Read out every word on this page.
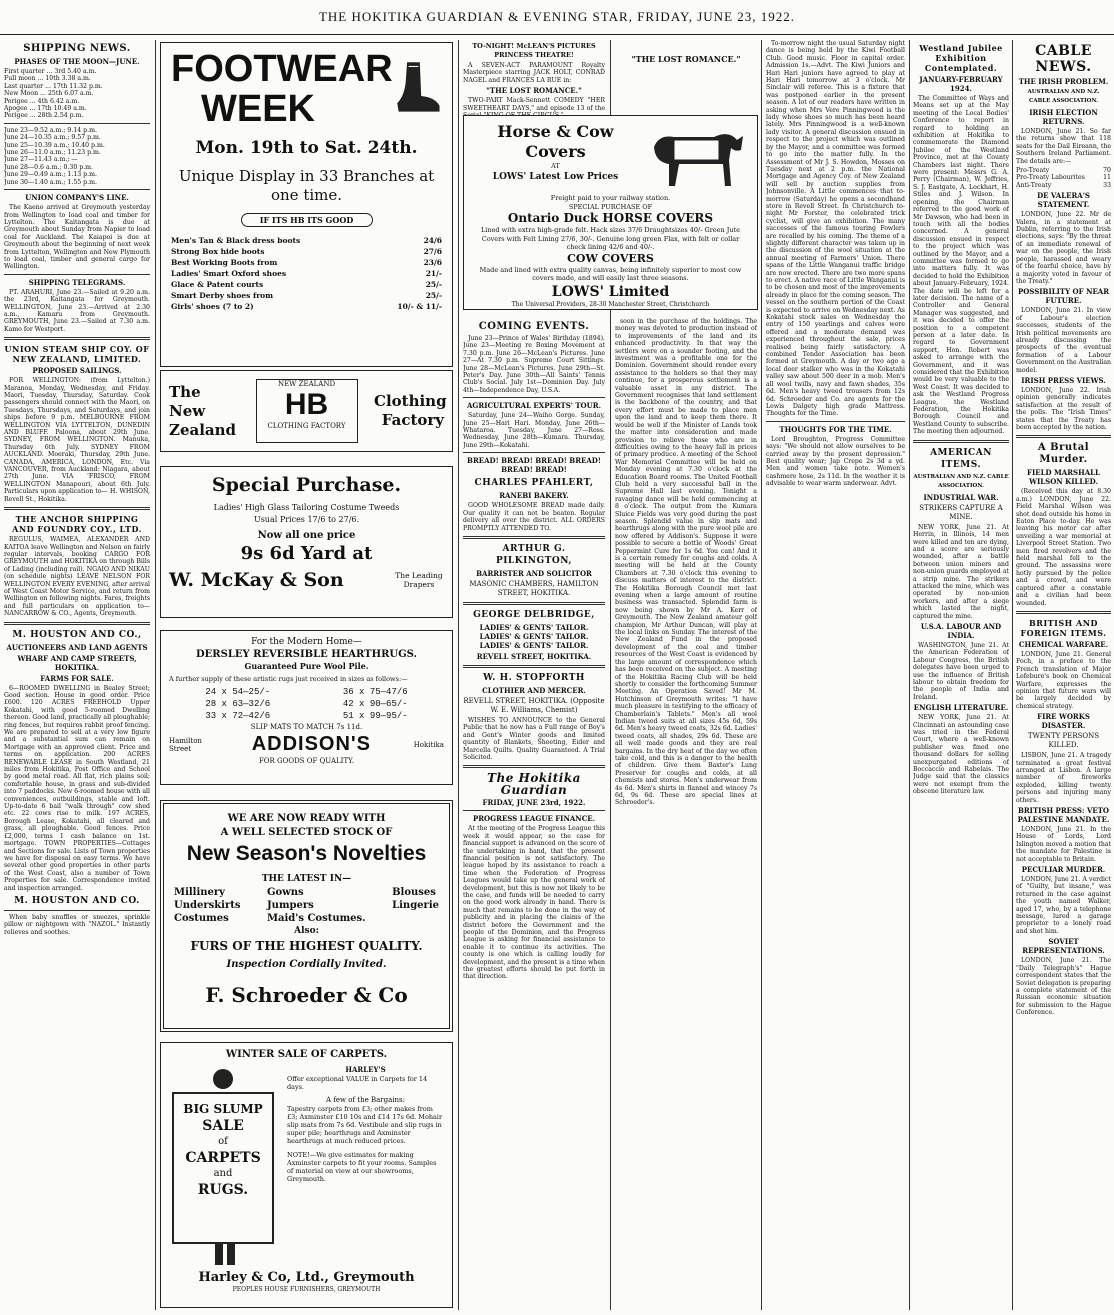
THE HOKITIKA GUARDIAN & EVENING STAR, FRIDAY, JUNE 23, 1922.
SHIPPING NEWS.
PHASES OF THE MOON—JUNE.
First quarter ... 3rd 5.40 a.m.
Full moon ... 10th 3.38 a.m.
Last quarter ... 17th 11.32 p.m.
New Moon ... 25th 6.07 a.m.
Perigee ... 4th 6.42 a.m.
Apogee ... 17th 10.49 a.m.
Perigee ... 28th 2.54 p.m.
June 23—9.52 a.m.; 9.14 p.m.
June 24—10.35 a.m.; 9.57 p.m.
June 25—10.39 a.m.; 10.40 p.m.
June 26—11.0 a.m.; 11.23 p.m.
June 27—11.43 a.m.; —
June 28—0.6 a.m.; 0.30 p.m.
June 29—0.49 a.m.; 1.13 p.m.
June 30—1.40 a.m.; 1.55 p.m.
UNION COMPANY'S LINE.

The Kaeno arrived at Greymouth yesterday from Wellington to load coal and timber for Lyttelton. The Kaitangata is due at Greymouth about Sunday from Napier to load coal for Auckland. The Kaiapoi is due at Greymouth about the beginning of next week from Lyttelton, Wellington and New Plymouth to load coal, timber and general cargo for Wellington.

SHIPPING TELEGRAMS.

PT. ARAHURI, June 23.—Sailed at 9.20 a.m. the 23rd, Kaitangata for Greymouth. WELLINGTON, June 23.—Arrived at 2.30 a.m., Kamaru from Greymouth. GREYMOUTH, June 23.—Sailed at 7.30 a.m. Kamo for Westport.

UNION STEAM SHIP COY. OF NEW ZEALAND, LIMITED.
PROPOSED SAILINGS.

FOR WELLINGTON: (from Lyttelton.) Maranoa, Monday, Wednesday, and Friday. Maori, Tuesday, Thursday, Saturday. Cook passengers should connect with the Maori, on Tuesdays, Thursdays, and Saturdays, and join ships before 9 p.m. MELBOURNE FROM WELLINGTON VIA LYTTELTON, DUNEDIN AND BLUFF. Paloona, about 29th June. SYDNEY, FROM WELLINGTON. Manuka, Thursday 6th July. SYDNEY FROM AUCKLAND. Moeraki, Thursday, 29th June. CANADA, AMERICA, LONDON, Etc. Via VANCOUVER, from Auckland: Niagara, about 27th June. VIA 'FRISCO, FROM WELLINGTON Manapouri, about 6th July. Particulars upon application to— H. WHISON, Revell St., Hokitika.

THE ANCHOR SHIPPING AND FOUNDRY COY., LTD.

REGULUS, WAIMEA, ALEXANDER AND KAITOA leave Wellington and Nelson on fairly regular intervals, booking CARGO FOR GREYMOUTH and HOKITIKA on through Bills of Lading (including rail). NGAIO AND NIKAU (on schedule nights) LEAVE NELSON FOR WELLINGTON EVERY EVENING, after arrival of West Coast Motor Service, and return from Wellington on following nights. Fares, freights and full particulars on application to— NANCARROW & CO., Agents, Greymouth.

M. HOUSTON AND CO.,
AUCTIONEERS AND LAND AGENTS
WHARF AND CAMP STREETS, HOKITIKA.
FARMS FOR SALE.

6—ROOMED DWELLING in Bealey Street; Good section. House in good order. Price £600. 120 ACRES FREEHOLD Upper Kokatahi, with good 5-roomed Dwelling thereon. Good land, practically all ploughable; ring fences, but requires rabbit proof fencing. We are prepared to sell at a very low figure and a substantial sum can remain on Mortgage with an approved client. Price and terms on application. 200 ACRES RENEWABLE LEASE in South Westland, 21 miles from Hokitika, Post Office and School by good metal road. All flat, rich plains soil; comfortable house, in grass and sub-divided into 7 paddocks. New 6-roomed house with all conveniences, outbuildings, stable and loft. Up-to-date 6 bail "walk through" cow shed etc. 22 cows rise to milk. 197 ACRES, Borough Lease, Kokatahi, all cleared and grass, all ploughable. Good fences. Price £2,000, terms 1 cash balance on 1st. mortgage. TOWN PROPERTIES—Cottages and Sections for sale. Lists of Town properties we have for disposal on easy terms. We have several other good properties in other parts of the West Coast, also a number of Town Properties for sale. Correspondence invited and inspection arranged.

M. HOUSTON AND CO.

When baby snuffles or sneezes, sprinkle pillow or nightgown with "NAZOL." Instantly relieves and soothes.

FOOTWEAR
WEEK
Mon. 19th to Sat. 24th.
Unique Display in 33 Branches at one time.
IF ITS HB ITS GOOD
Men's Tan & Black dress boots	24/6
Strong Box hide boots	27/6
Best Working Boots from	23/6
Ladies' Smart Oxford shoes	21/-
Glace & Patent courts	25/-
Smart Derby shoes from	25/-
Girls' shoes (7 to 2)	10/- & 11/-
The New Zealand
NEW ZEALAND
HB
CLOTHING FACTORY
Clothing Factory
Special Purchase.
Ladies' High Glass Tailoring Costume Tweeds
Usual Prices 17/6 to 27/6.
Now all one price
9s 6d Yard at
W. McKay & Son	The Leading Drapers
For the Modern Home—
DERSLEY REVERSIBLE HEARTHRUGS.
Guaranteed Pure Wool Pile.
A further supply of these artistic rugs just received in sizes as follows:—
24 x 54—25/-
28 x 63—32/6
33 x 72—42/6
36 x 75—47/6
42 x 90—65/-
51 x 99—95/-
SLIP MATS TO MATCH 7s 11d.
Hamilton Street	ADDISON'S	Hokitika
FOR GOODS OF QUALITY.
WE ARE NOW READY WITH
A WELL SELECTED STOCK OF
New Season's Novelties
THE LATEST IN—
Millinery
Underskirts
Costumes
Gowns
Jumpers
Maid's Costumes.
Blouses
Lingerie
Also:
FURS OF THE HIGHEST QUALITY.
Inspection Cordially Invited.
F. Schroeder & Co
WINTER SALE OF CARPETS.
BIG SLUMP
SALE
of
CARPETS
and
RUGS.
HARLEY'S
Offer exceptional VALUE in Carpets for 14 days.
A few of the Bargains:
Tapestry carpets from £3; other makes from £3; Axminster £10 10s and £14 17s 6d. Mohair slip mats from 7s 6d. Vestibule and slip rugs in super pile; hearthrugs and Axminster hearthrugs at much reduced prices.
NOTE!—We give estimates for making Axminster carpets to fit your rooms. Samples of material on view at our showrooms, Greymouth.
Harley & Co, Ltd., Greymouth
PEOPLES HOUSE FURNISHERS, GREYMOUTH
TO-NIGHT! McLEAN'S PICTURES PRINCESS THEATRE!

A SEVEN-ACT PARAMOUNT Royalty Masterpiece starring JACK HOLT, CONRAD NAGEL and FRANCES LA RUE in:

"THE LOST ROMANCE."

TWO-PART Mack-Sennett COMEDY "HER SWEETHEART DAYS," and episode 13 of the

Horse & Cow
Covers
AT
LOWS' Latest Low Prices
Freight paid to your railway station.
SPECIAL PURCHASE OF
Ontario Duck HORSE COVERS
Lined with extra high-grade felt. Hack sizes 37/6 Draughtsizes 40/- Green Jute Covers with Felt Lining 27/6, 30/-. Genuine long green Flax, with felt or collar check lining 42/6 and 40/-.
COW COVERS
Made and lined with extra quality canvas, being infinitely superior to most cow covers made, and will easily last three seasons.
LOWS' Limited
The Universal Providers, 28-30 Manchester Street, Christchurch
COMING EVENTS.

June 23—Prince of Wales' Birthday (1894). June 23—Meeting re Boxing Movement at 7.30 p.m. June 26—McLean's Pictures. June 27—At 7.30 p.m. Supreme Court Sittings. June 28—McLean's Pictures. June 29th—St. Peter's Day. June 30th—All Saints' Tennis Club's Social. July 1st—Dominion Day. July 4th—Independence Day, U.S.A.

AGRICULTURAL EXPERTS' TOUR.

Saturday, June 24—Waiho Gorge. Sunday, June 25—Hari Hari. Monday, June 26th—Whataroa. Tuesday, June 27—Ross. Wednesday, June 28th—Kumara. Thursday, June 29th—Kokatahi.

BREAD! BREAD! BREAD! BREAD! BREAD! BREAD!
CHARLES PFAHLERT,
RANEBI BAKERY.

GOOD WHOLESOME BREAD made daily. Our quality it can not be beaten. Regular delivery all over the district. ALL ORDERS PROMPTLY ATTENDED TO.

ARTHUR G. PILKINGTON,
BARRISTER AND SOLICITOR
MASONIC CHAMBERS, HAMILTON STREET, HOKITIKA.
GEORGE DELBRIDGE,
LADIES' & GENTS' TAILOR. LADIES' & GENTS' TAILOR. LADIES' & GENTS' TAILOR.
REVELL STREET, HOKITIKA.
W. H. STOPFORTH
CLOTHIER AND MERCER.
REVELL STREET, HOKITIKA. (Opposite W. E. Williams, Chemist)

WISHES TO ANNOUNCE to the General Public that he now has a Full range of Boy's and Gent's Winter goods and limited quantity of Blankets, Sheeting, Eider and Marcella Quilts. Quality Guaranteed. A Trial Solicited.

The Hokitika Guardian
FRIDAY, JUNE 23rd, 1922.
PROGRESS LEAGUE FINANCE.

At the meeting of the Progress League this week it would appear, so the case for financial support is advanced on the score of the undertaking in hand, that the present financial position is not satisfactory. The league hoped by its assistance to reach a time when the Federation of Progress Leagues would take up the general work of development, but this is now not likely to be the case, and funds will be needed to carry on the good work already in hand. There is much that remains to be done in the way of publicity and in placing the claims of the district before the Government and the people of the Dominion, and the Progress League is asking for financial assistance to enable it to continue its activities. The county is one which is calling loudly for development, and the present is a time when the greatest efforts should be put forth in that direction.

soon in the purchase of the holdings. The money was devoted to production instead of to improvements of the land and its enhanced productivity. In that way the settlers were on a sounder footing, and the investment was a profitable one for the Dominion. Government should render every assistance to the holders so that they may continue, for a prosperous settlement is a valuable asset in any district. The Government recognises that land settlement is the backbone of the country, and that every effort must be made to place men upon the land and to keep them there. It would be well if the Minister of Lands took the matter into consideration and made provision to relieve those who are in difficulties owing to the heavy fall in prices of primary produce. A meeting of the School War Memorial Committee will be held on Monday evening at 7.30 o'clock at the Education Board rooms. The United Football Club held a very successful ball in the Supreme Hall last evening. Tonight a ravaging dance will be held commencing at 8 o'clock. The output from the Kumara Sluice Fields was very good during the past season. Splendid value in slip mats and hearthrugs along with the pure wool pile are now offered by Addison's. Suppose it were possible to secure a bottle of Woods' Great Peppermint Cure for 1s 6d. You can! And it is a certain remedy for coughs and colds. A meeting will be held at the County Chambers at 7.30 o'clock this evening to discuss matters of interest to the district. The Hokitika Borough Council met last evening when a large amount of routine business was transacted. Splendid farm is now being shown by Mr A. Kerr of Greymouth. The New Zealand amateur golf champion, Mr Arthur Duncan, will play at the local links on Sunday. The interest of the New Zealand Fund in the proposed development of the coal and timber resources of the West Coast is evidenced by the large amount of correspondence which has been received on the subject. A meeting of the Hokitika Racing Club will be held shortly to consider the forthcoming Summer Meeting. An Operation Saved! Mr M. Hutchinson of Greymouth writes: "I have much pleasure in testifying to the efficacy of Chamberlain's Tablets." Men's all wool Indian tweed suits at all sizes 45s 6d, 59s 6d. Men's heavy tweed coats, 32s 6d. Ladies' tweed coats, all shades, 29s 6d. These are all well made goods and they are real bargains. In the dry heat of the day we often take cold, and this is a danger to the health of children. Give them Baxter's Lung Preserver for coughs and colds, at all chemists and stores. Men's underwear from 4s 6d. Men's shirts in flannel and wincey 7s 6d, 9s 6d. These are special lines at Schroeder's.

"THE LOST ROMANCE."

To-morrow night the usual Saturday night dance is being held by the Kiwi Football Club. Good music. Floor in capital order. Admission 1s.—Advt. The Kiwi Juniors and Hari Hari juniors have agreed to play at Hari Hari tomorrow at 3 o'clock. Mr Sinclair will referee. This is a fixture that was postponed earlier in the present season. A lot of our readers have written in asking when Mrs Vere Pinningwood is the lady whose shoes so much has been heard lately. Mrs Pinningwood is a well-known lady visitor. A general discussion ensued in respect to the project which was outlined by the Mayor, and a committee was formed to go into the matter fully. In the Assessment of Mr J. S. Howdon, Mosses on Tuesday next at 2 p.m. the National Mortgage and Agency Coy. of New Zealand will sell by auction supplies from Johnsonville. A Little commences that to-morrow (Saturday) he opens a secondhand store in Revell Street. In Christchurch to-night Mr Forster, the celebrated trick cyclist, will give an exhibition. The many successes of the famous touring Fowlers are recalled by his coming. The theme of a slightly different character was taken up in the discussion of the wool situation at the annual meeting of Farmers' Union. There spans of the Little Wanganui traffic bridge are now erected. There are two more spans to erect. A native race of Little Wanganui is to be chosen and most of the improvements already in place for the coming season. The vessel on the southern portion of the Coast is expected to arrive on Wednesday next. As Kokatahi stock sales on Wednesday the entry of 150 yearlings and calves were offered and a moderate demand was experienced throughout the sale, prices realised being fairly satisfactory. A combined Tender Association has been formed at Greymouth. A day or two ago a local deer stalker who was in the Kokatahi valley saw about 500 deer in a mob. Men's all wool twills, navy and fawn shades, 35s 6d. Men's heavy tweed trousers from 12s 6d. Schroeder and Co. are agents for the Lewis Dalgety high grade Mattress. Thoughts for the Time.

THOUGHTS FOR THE TIME.

Lord Broughton, Progress Committee says: "We should not allow ourselves to be carried away by the present depression." Best quality wear; Jap Crepe 2s 3d a yd. Men and women take note. Women's cashmere hose, 2s 11d. In the weather it is advisable to wear warm underwear. Advt.

Westland Jubilee Exhibition Contemplated.
JANUARY-FEBRUARY 1924.

The Committee of Ways and Means set up at the May meeting of the Local Bodies' Conference to report in regard to holding an exhibition at Hokitika to commemorate the Diamond Jubilee of the Westland Province, met at the County Chambers last night. There were present: Messrs G. A. Perry (Chairman), W. Jeffries, S. J. Eastgate, A. Lockhart, H. Stiles and J. Wilson. In opening, the Chairman referred to the good work of Mr Dawson, who had been in touch with all the bodies concerned. A general discussion ensued in respect to the project which was outlined by the Mayor, and a committee was formed to go into matters fully. It was decided to hold the Exhibition about January-February, 1924. The date will be left for a later decision. The name of a Controller and General Manager was suggested, and it was decided to offer the position to a competent person at a later date. In regard to Government support, Hon. Robert was asked to arrange with the Government, and it was considered that the Exhibition would be very valuable to the West Coast. It was decided to ask the Westland Progress League, the Westland Federation, the Hokitika Borough Council and Westland County to subscribe. The meeting then adjourned.

AMERICAN ITEMS.
AUSTRALIAN AND N.Z. CABLE ASSOCIATION.
INDUSTRIAL WAR.
STRIKERS CAPTURE A MINE.

NEW YORK, June 21. At Herrin, in Illinois, 14 men were killed and ten are dying, and a score are seriously wounded, after a battle between union miners and non-union guards employed at a strip mine. The strikers attacked the mine, which was operated by non-union workers, and after a siege which lasted the night, captured the mine.

U.S.A. LABOUR AND INDIA.

WASHINGTON, June 21. At the American Federation of Labour Congress, the British delegates have been urged to use the influence of British labour to obtain freedom for the people of India and Ireland.

ENGLISH LITERATURE.

NEW YORK, June 21. At Cincinnati an astounding case was tried in the Federal Court, where a well-known publisher was fined one thousand dollars for selling unexpurgated editions of Boccaccio and Rabelais. The Judge said that the classics were not exempt from the obscene literature law.

CABLE NEWS.
THE IRISH PROBLEM.
AUSTRALIAN AND N.Z. CABLE ASSOCIATION.
IRISH ELECTION RETURNS.

LONDON, June 21. So far the returns show that 118 seats for the Dail Eireann, the Southern Ireland Parliament. The details are:—

Pro-Treaty	70
Pro-Treaty Labourites	11
Anti-Treaty	33
DE VALERA'S STATEMENT.

LONDON, June 22. Mr de Valera, in a statement at Dublin, referring to the Irish elections, says: "By the threat of an immediate renewal of war on the people, the Irish people, harassed and weary of the fearful choice, have by a majority voted in favour of the Treaty."

POSSIBILITY OF NEAR FUTURE.

LONDON, June 21. In view of Labour's election successes, students of the Irish political movements are already discussing the prospects of the eventual formation of a Labour Government on the Australian model.

IRISH PRESS VIEWS.

LONDON, June 22. Irish opinion generally indicates satisfaction at the result of the polls. The "Irish Times" states that the Treaty has been accepted by the nation.

A Brutal Murder.
FIELD MARSHALL WILSON KILLED.

(Received this day at 8.30 a.m.) LONDON, June 22. Field Marshal Wilson was shot dead outside his home in Eaton Place to-day. He was leaving his motor car after unveiling a war memorial at Liverpool Street Station. Two men fired revolvers and the field marshal fell to the ground. The assassins were hotly pursued by the police and a crowd, and were captured after a constable and a civilian had been wounded.

BRITISH AND FOREIGN ITEMS.
CHEMICAL WARFARE.

LONDON, June 21. General Foch, in a preface to the French translation of Major Lefebure's book on Chemical Warfare, expresses the opinion that future wars will be largely decided by chemical strategy.

FIRE WORKS DISASTER.
TWENTY PERSONS KILLED.

LISBON, June 21. A tragedy terminated a great festival arranged at Lisbon. A large number of fireworks exploded, killing twenty persons and injuring many others.

BRITISH PRESS: VETO PALESTINE MANDATE.

LONDON, June 21. In the House of Lords, Lord Islington moved a motion that the mandate for Palestine is not acceptable to Britain.

PECULIAR MURDER.

LONDON, June 21. A verdict of "Guilty, but insane," was returned in the case against the youth named Walker, aged 17, who, by a telephone message, lured a garage proprietor to a lonely road and shot him.

SOVIET REPRESENTATIONS.

LONDON, June 21. The "Daily Telegraph's" Hague correspondent states that the Soviet delegation is preparing a complete statement of the Russian economic situation for submission to the Hague Conference.
